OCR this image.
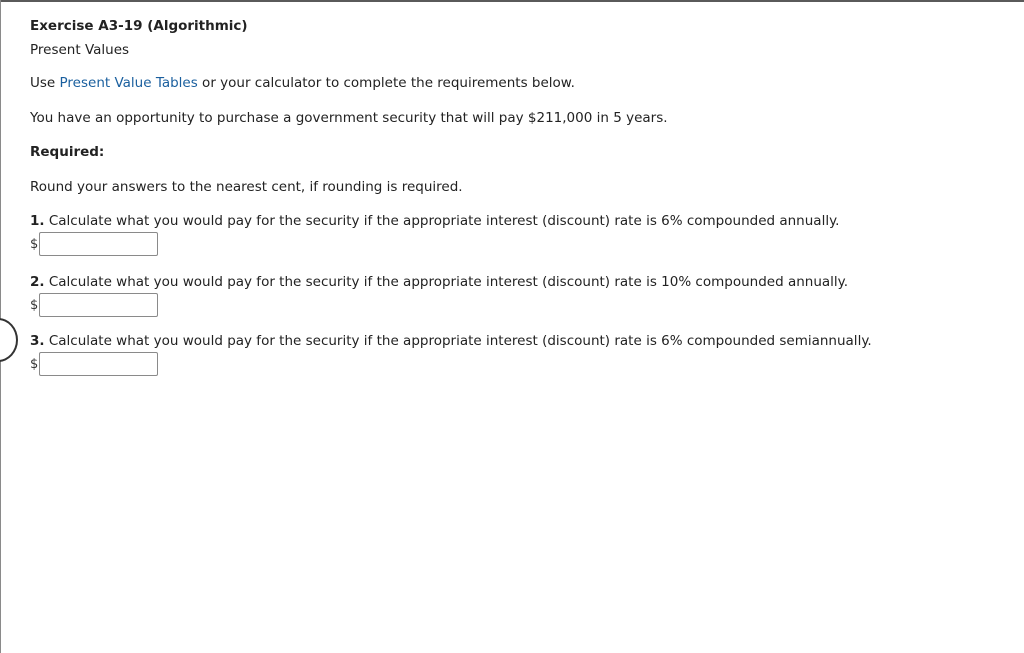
Exercise A3-19 (Algorithmic)

Present Values

Use Present Value Tables or your calculator to complete the requirements below.
You have an opportunity to purchase a government security that will pay $211,000 in 5 years.
Required:
Round your answers to the nearest cent, if rounding is required.
1. Calculate what you would pay for the security if the appropriate interest (discount) rate is 6% compounded annually.
$
2. Calculate what you would pay for the security if the appropriate interest (discount) rate is 10% compounded annually.
$
3. Calculate what you would pay for the security if the appropriate interest (discount) rate is 6% compounded semiannually.
$
